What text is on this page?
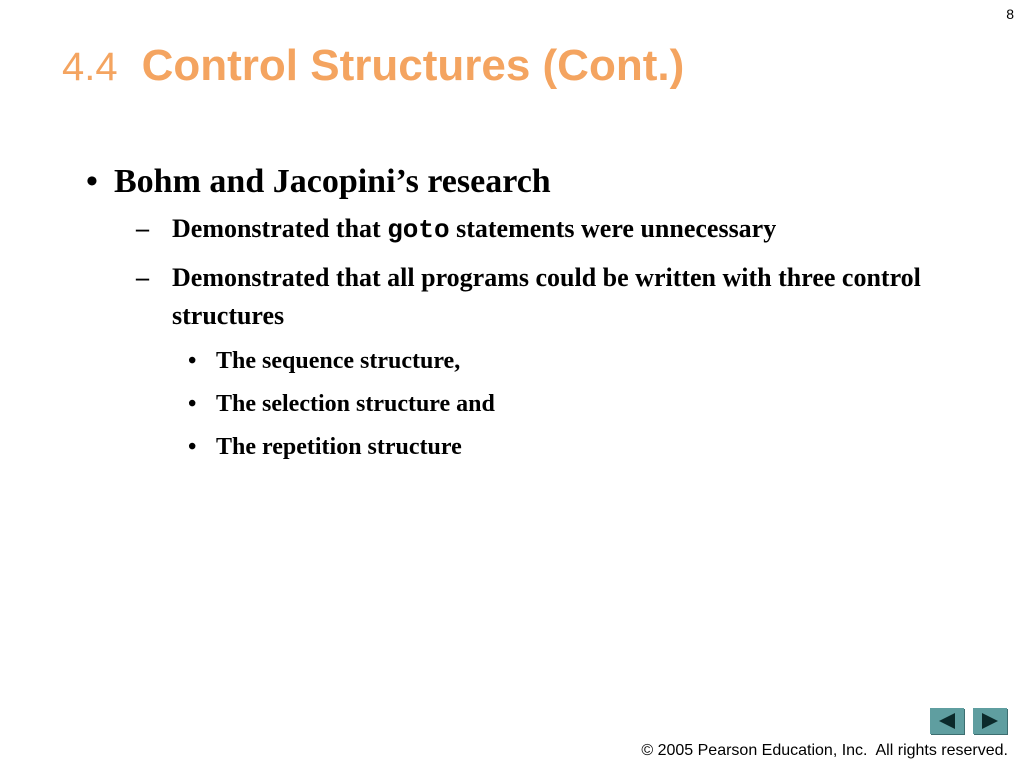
8
4.4 Control Structures (Cont.)
• Bohm and Jacopini’s research
– Demonstrated that goto statements were unnecessary
– Demonstrated that all programs could be written with three control structures
• The sequence structure,
• The selection structure and
• The repetition structure
© 2005 Pearson Education, Inc.  All rights reserved.
